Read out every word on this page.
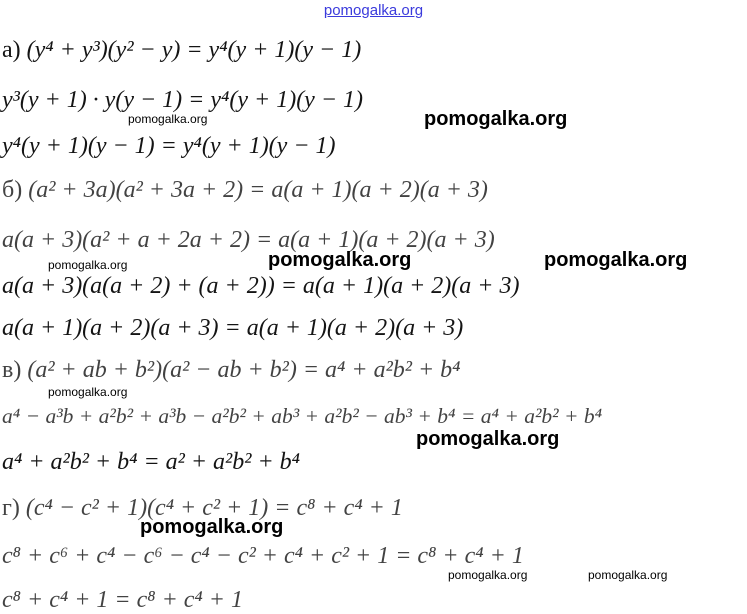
pomogalka.org
а) (y⁴ + y³)(y² − y) = y⁴(y + 1)(y − 1)
y³(y + 1) · y(y − 1) = y⁴(y + 1)(y − 1)
y⁴(y + 1)(y − 1) = y⁴(y + 1)(y − 1)
б) (a² + 3a)(a² + 3a + 2) = a(a + 1)(a + 2)(a + 3)
a(a + 3)(a² + a + 2a + 2) = a(a + 1)(a + 2)(a + 3)
a(a + 3)(a(a + 2) + (a + 2)) = a(a + 1)(a + 2)(a + 3)
a(a + 1)(a + 2)(a + 3) = a(a + 1)(a + 2)(a + 3)
в) (a² + ab + b²)(a² − ab + b²) = a⁴ + a²b² + b⁴
a⁴ − a³b + a²b² + a³b − a²b² + ab³ + a²b² − ab³ + b⁴ = a⁴ + a²b² + b⁴
a⁴ + a²b² + b⁴ = a² + a²b² + b⁴
г) (c⁴ − c² + 1)(c⁴ + c² + 1) = c⁸ + c⁴ + 1
c⁸ + c⁶ + c⁴ − c⁶ − c⁴ − c² + c⁴ + c² + 1 = c⁸ + c⁴ + 1
c⁸ + c⁴ + 1 = c⁸ + c⁴ + 1
pomogalka.org	pomogalka.org
pomogalka.org	pomogalka.org	pomogalka.org
pomogalka.org
pomogalka.org
pomogalka.org
pomogalka.org	pomogalka.org
